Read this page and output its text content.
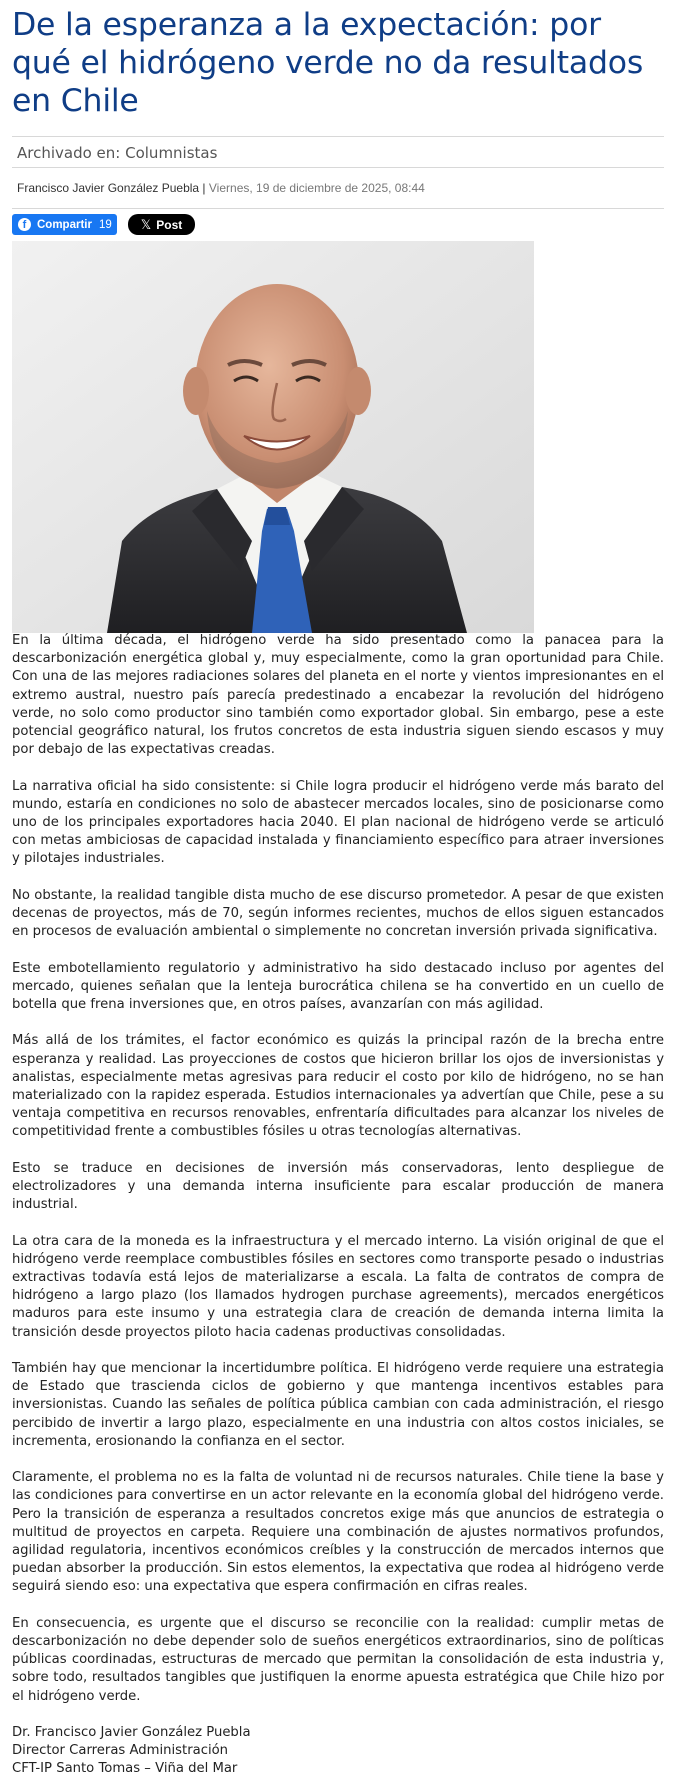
De la esperanza a la expectación: por qué el hidrógeno verde no da resultados en Chile
Archivado en: Columnistas
Francisco Javier González Puebla | Viernes, 19 de diciembre de 2025, 08:44
f Compartir 19 𝕏 Post

En la última década, el hidrógeno verde ha sido presentado como la panacea para la descarbonización energética global y, muy especialmente, como la gran oportunidad para Chile. Con una de las mejores radiaciones solares del planeta en el norte y vientos impresionantes en el extremo austral, nuestro país parecía predestinado a encabezar la revolución del hidrógeno verde, no solo como productor sino también como exportador global. Sin embargo, pese a este potencial geográfico natural, los frutos concretos de esta industria siguen siendo escasos y muy por debajo de las expectativas creadas.

La narrativa oficial ha sido consistente: si Chile logra producir el hidrógeno verde más barato del mundo, estaría en condiciones no solo de abastecer mercados locales, sino de posicionarse como uno de los principales exportadores hacia 2040. El plan nacional de hidrógeno verde se articuló con metas ambiciosas de capacidad instalada y financiamiento específico para atraer inversiones y pilotajes industriales.

No obstante, la realidad tangible dista mucho de ese discurso prometedor. A pesar de que existen decenas de proyectos, más de 70, según informes recientes, muchos de ellos siguen estancados en procesos de evaluación ambiental o simplemente no concretan inversión privada significativa.

Este embotellamiento regulatorio y administrativo ha sido destacado incluso por agentes del mercado, quienes señalan que la lenteja burocrática chilena se ha convertido en un cuello de botella que frena inversiones que, en otros países, avanzarían con más agilidad.

Más allá de los trámites, el factor económico es quizás la principal razón de la brecha entre esperanza y realidad. Las proyecciones de costos que hicieron brillar los ojos de inversionistas y analistas, especialmente metas agresivas para reducir el costo por kilo de hidrógeno, no se han materializado con la rapidez esperada. Estudios internacionales ya advertían que Chile, pese a su ventaja competitiva en recursos renovables, enfrentaría dificultades para alcanzar los niveles de competitividad frente a combustibles fósiles u otras tecnologías alternativas.

Esto se traduce en decisiones de inversión más conservadoras, lento despliegue de electrolizadores y una demanda interna insuficiente para escalar producción de manera industrial.

La otra cara de la moneda es la infraestructura y el mercado interno. La visión original de que el hidrógeno verde reemplace combustibles fósiles en sectores como transporte pesado o industrias extractivas todavía está lejos de materializarse a escala. La falta de contratos de compra de hidrógeno a largo plazo (los llamados hydrogen purchase agreements), mercados energéticos maduros para este insumo y una estrategia clara de creación de demanda interna limita la transición desde proyectos piloto hacia cadenas productivas consolidadas.

También hay que mencionar la incertidumbre política. El hidrógeno verde requiere una estrategia de Estado que trascienda ciclos de gobierno y que mantenga incentivos estables para inversionistas. Cuando las señales de política pública cambian con cada administración, el riesgo percibido de invertir a largo plazo, especialmente en una industria con altos costos iniciales, se incrementa, erosionando la confianza en el sector.

Claramente, el problema no es la falta de voluntad ni de recursos naturales. Chile tiene la base y las condiciones para convertirse en un actor relevante en la economía global del hidrógeno verde. Pero la transición de esperanza a resultados concretos exige más que anuncios de estrategia o multitud de proyectos en carpeta. Requiere una combinación de ajustes normativos profundos, agilidad regulatoria, incentivos económicos creíbles y la construcción de mercados internos que puedan absorber la producción. Sin estos elementos, la expectativa que rodea al hidrógeno verde seguirá siendo eso: una expectativa que espera confirmación en cifras reales.

En consecuencia, es urgente que el discurso se reconcilie con la realidad: cumplir metas de descarbonización no debe depender solo de sueños energéticos extraordinarios, sino de políticas públicas coordinadas, estructuras de mercado que permitan la consolidación de esta industria y, sobre todo, resultados tangibles que justifiquen la enorme apuesta estratégica que Chile hizo por el hidrógeno verde.

Dr. Francisco Javier González Puebla
Director Carreras Administración
CFT-IP Santo Tomas – Viña del Mar
